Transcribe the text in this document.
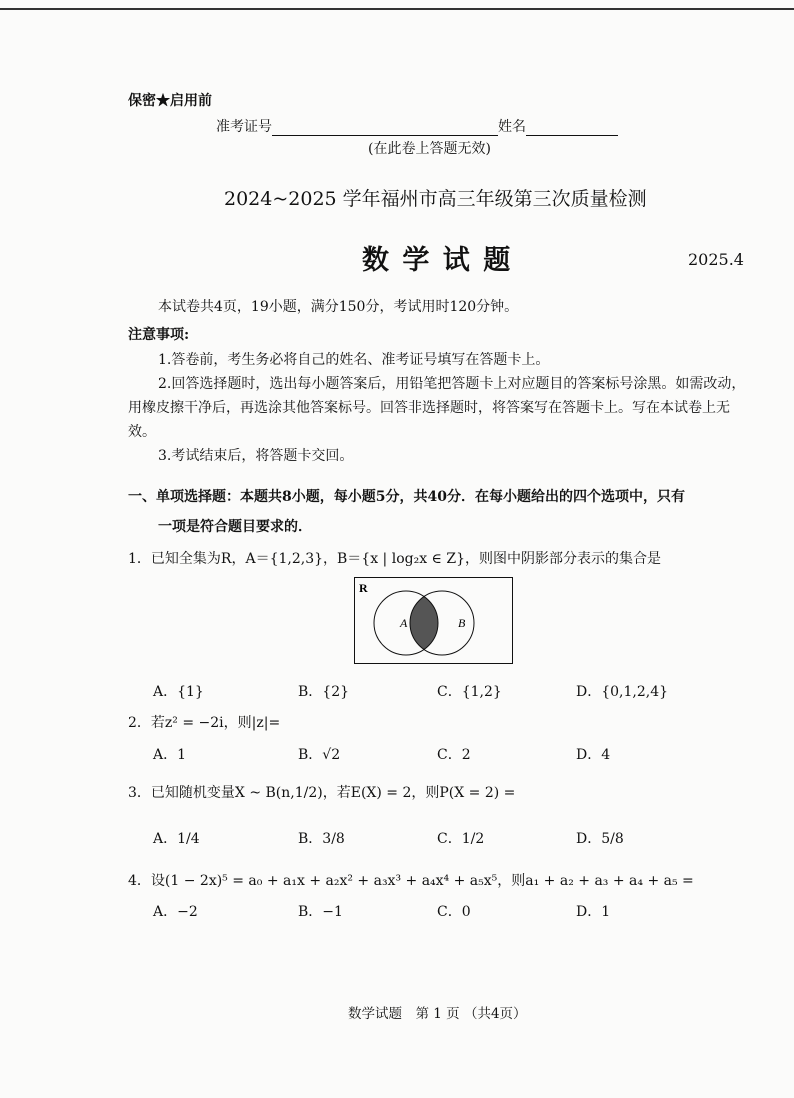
保密★启用前
准考证号	姓名
(在此卷上答题无效)
2024~2025 学年福州市高三年级第三次质量检测
数 学 试 题	2025.4
本试卷共4页，19小题，满分150分，考试用时120分钟。
注意事项:

1.答卷前，考生务必将自己的姓名、准考证号填写在答题卡上。

2.回答选择题时，选出每小题答案后，用铅笔把答题卡上对应题目的答案标号涂黑。如需改动，用橡皮擦干净后，再选涂其他答案标号。回答非选择题时，将答案写在答题卡上。写在本试卷上无效。

3.考试结束后，将答题卡交回。

一、单项选择题：本题共8小题，每小题5分，共40分．在每小题给出的四个选项中，只有
一项是符合题目要求的．
1．已知全集为R，A＝{1,2,3}，B＝{x | log₂x ∈ Z}，则图中阴影部分表示的集合是
R
A	B
A．{1}	B．{2}	C．{1,2}	D．{0,1,2,4}
2．若z² = −2i，则|z|=
A．1	B．√2	C．2	D．4
3．已知随机变量X ~ B(n,1/2)，若E(X) = 2，则P(X = 2) =
A．1/4	B．3/8	C．1/2	D．5/8
4．设(1 − 2x)⁵ = a₀ + a₁x + a₂x² + a₃x³ + a₄x⁴ + a₅x⁵，则a₁ + a₂ + a₃ + a₄ + a₅ =
A．−2	B．−1	C．0	D．1
数学试题　第 1 页 （共4页）
